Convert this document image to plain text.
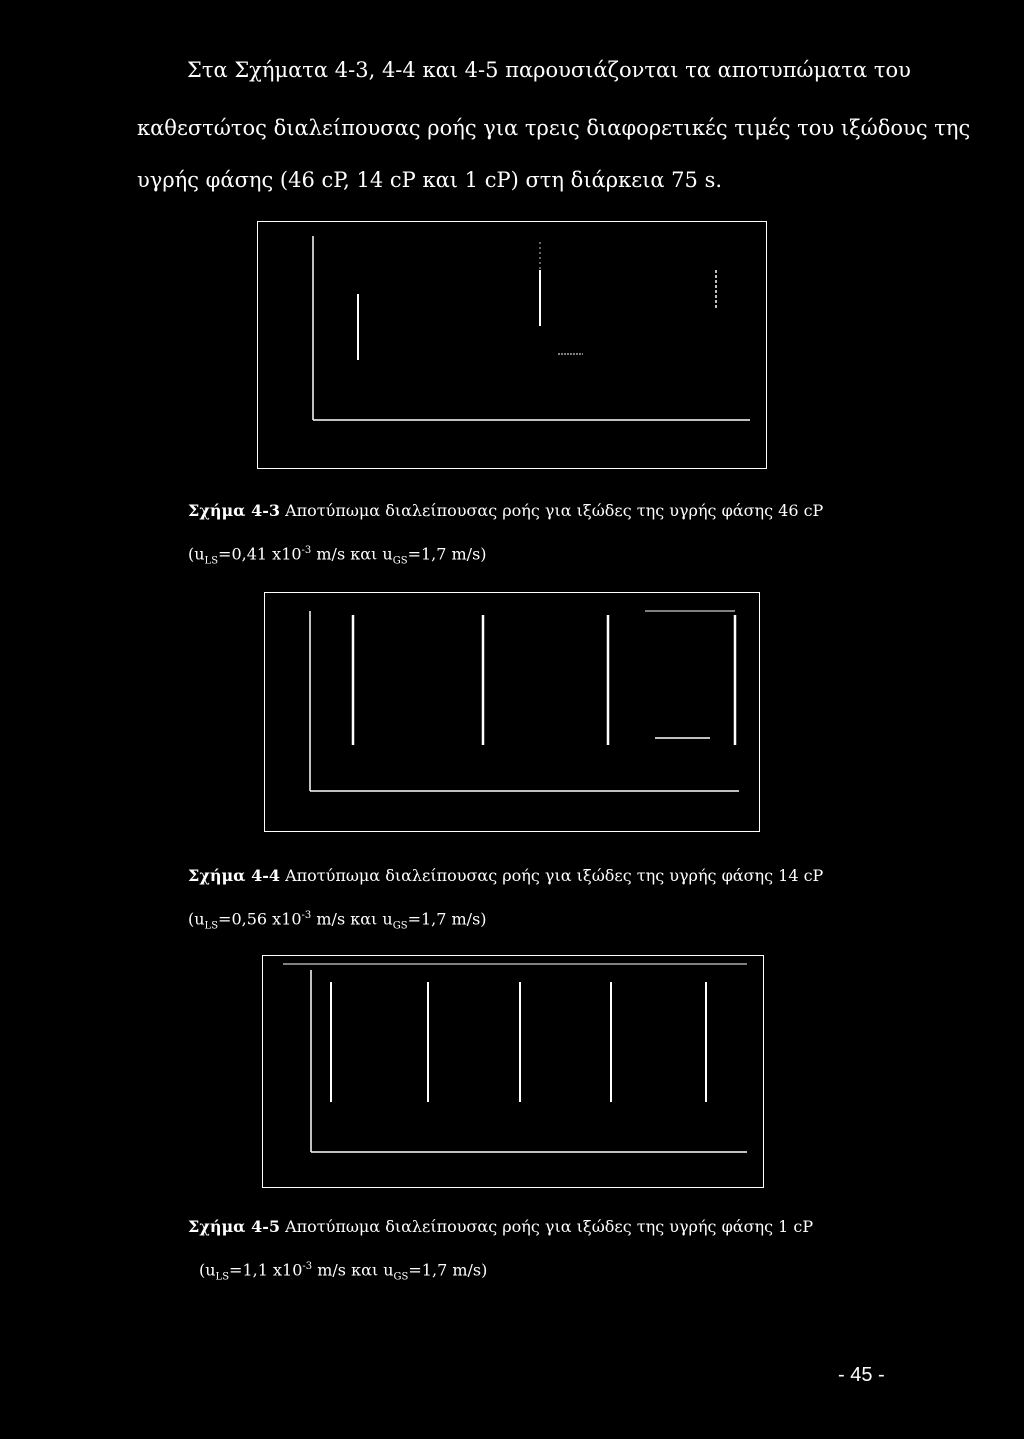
Στα Σχήματα 4-3, 4-4 και 4-5 παρουσιάζονται τα αποτυπώματα του
καθεστώτος διαλείπουσας ροής για τρεις διαφορετικές τιμές του ιξώδους της
υγρής φάσης (46 cP, 14 cP και 1 cP) στη διάρκεια 75 s.
Σχήμα 4-3 Αποτύπωμα διαλείπουσας ροής για ιξώδες της υγρής φάσης 46 cP
($u_{LS}=0,41$ $x10^{-3}$ m/s και $u_{GS}=1,7$ m/s)
Σχήμα 4-4 Αποτύπωμα διαλείπουσας ροής για ιξώδες της υγρής φάσης 14 cP
($u_{LS}=0,56$ $x10^{-3}$ m/s και $u_{GS}=1,7$ m/s)
Σχήμα 4-5 Αποτύπωμα διαλείπουσας ροής για ιξώδες της υγρής φάσης 1 cP
($u_{LS}=1,1$ $x10^{-3}$ m/s και $u_{GS}=1,7$ m/s)
- 45 -
